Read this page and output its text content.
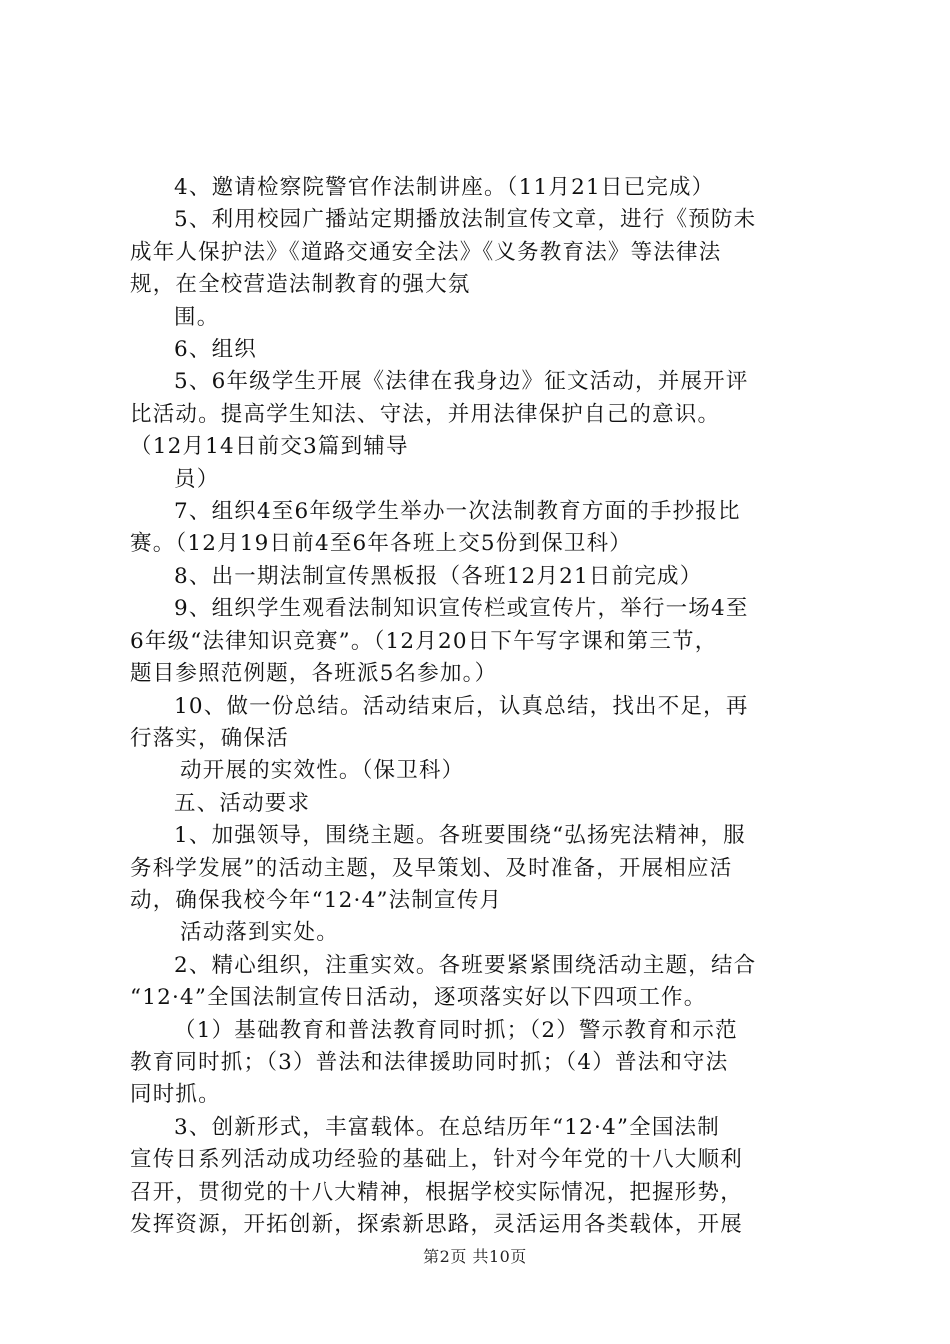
4、邀请检察院警官作法制讲座。（11月21日已完成）

5、利用校园广播站定期播放法制宣传文章，进行《预防未

成年人保护法》《道路交通安全法》《义务教育法》等法律法

规，在全校营造法制教育的强大氛

围。

6、组织

5、6年级学生开展《法律在我身边》征文活动，并展开评

比活动。提高学生知法、守法，并用法律保护自己的意识。

（12月14日前交3篇到辅导

员）

7、组织4至6年级学生举办一次法制教育方面的手抄报比

赛。（12月19日前4至6年各班上交5份到保卫科）

8、出一期法制宣传黑板报（各班12月21日前完成）

9、组织学生观看法制知识宣传栏或宣传片，举行一场4至

6年级“法律知识竞赛”。（12月20日下午写字课和第三节，

题目参照范例题，各班派5名参加。）

10、做一份总结。活动结束后，认真总结，找出不足，再

行落实，确保活

动开展的实效性。（保卫科）

五、活动要求

1、加强领导，围绕主题。各班要围绕“弘扬宪法精神，服

务科学发展”的活动主题，及早策划、及时准备，开展相应活

动，确保我校今年“12·4”法制宣传月

活动落到实处。

2、精心组织，注重实效。各班要紧紧围绕活动主题，结合

“12·4”全国法制宣传日活动，逐项落实好以下四项工作。

（1）基础教育和普法教育同时抓；（2）警示教育和示范

教育同时抓；（3）普法和法律援助同时抓；（4）普法和守法

同时抓。

3、创新形式，丰富载体。在总结历年“12·4”全国法制

宣传日系列活动成功经验的基础上，针对今年党的十八大顺利

召开，贯彻党的十八大精神，根据学校实际情况，把握形势，

发挥资源，开拓创新，探索新思路，灵活运用各类载体，开展

第2页 共10页
